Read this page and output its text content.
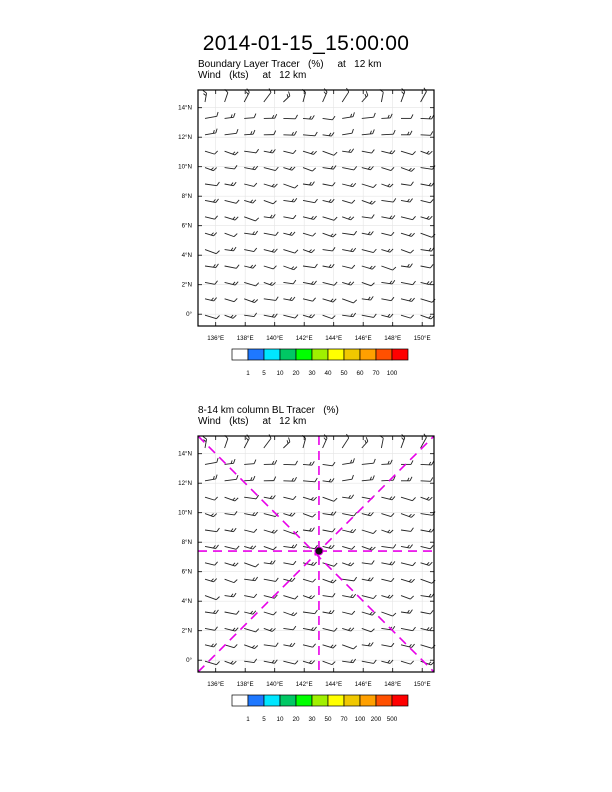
2014-01-15_15:00:00
Boundary Layer Tracer   (%)     at   12 km
Wind   (kts)     at   12 km
8-14 km column BL Tracer   (%)
Wind   (kts)     at   12 km
136°E 138°E 140°E 142°E 144°E 146°E 148°E 150°E
0°
2°N
4°N
6°N
8°N
10°N
12°N
14°N
1 5 10 20 30 40 50 60 70 100
136°E 138°E 140°E 142°E 144°E 146°E 148°E 150°E
0°
2°N
4°N
6°N
8°N
10°N
12°N
14°N
1 5 10 20 30 50 70 100 200 500
